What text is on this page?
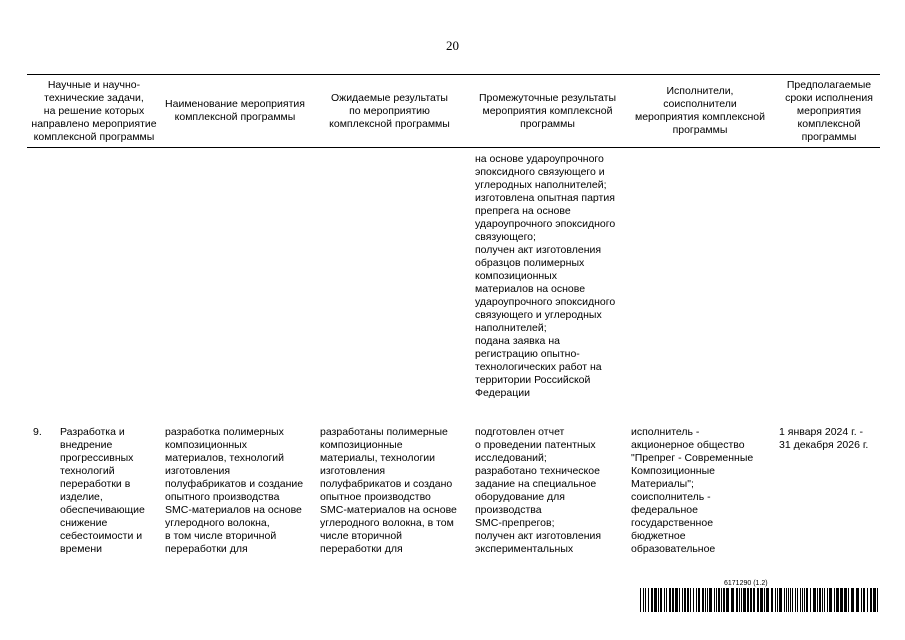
20
Научные и научно-
технические задачи,
на решение которых
направлено мероприятие
комплексной программы
Наименование мероприятия
комплексной программы
Ожидаемые результаты
по мероприятию
комплексной программы
Промежуточные результаты
мероприятия комплексной
программы
Исполнители,
соисполнители
мероприятия комплексной
программы
Предполагаемые
сроки исполнения
мероприятия
комплексной
программы
на основе удароупрочного
эпоксидного связующего и
углеродных наполнителей;
изготовлена опытная партия
препрега на основе
удароупрочного эпоксидного
связующего;
получен акт изготовления
образцов полимерных
композиционных
материалов на основе
удароупрочного эпоксидного
связующего и углеродных
наполнителей;
подана заявка на
регистрацию опытно-
технологических работ на
территории Российской
Федерации
9. Разработка и
внедрение
прогрессивных
технологий
переработки в
изделие,
обеспечивающие
снижение
себестоимости и
времени
разработка полимерных
композиционных
материалов, технологий
изготовления
полуфабрикатов и создание
опытного производства
SMC-материалов на основе
углеродного волокна,
в том числе вторичной
переработки для
разработаны полимерные
композиционные
материалы, технологии
изготовления
полуфабрикатов и создано
опытное производство
SMC-материалов на основе
углеродного волокна, в том
числе вторичной
переработки для
подготовлен отчет
о проведении патентных
исследований;
разработано техническое
задание на специальное
оборудование для
производства
SMC-препрегов;
получен акт изготовления
экспериментальных
исполнитель -
акционерное общество
"Препрег - Современные
Композиционные
Материалы";
соисполнитель -
федеральное
государственное
бюджетное
образовательное
1 января 2024 г. -
31 декабря 2026 г.
6171290 (1.2)
